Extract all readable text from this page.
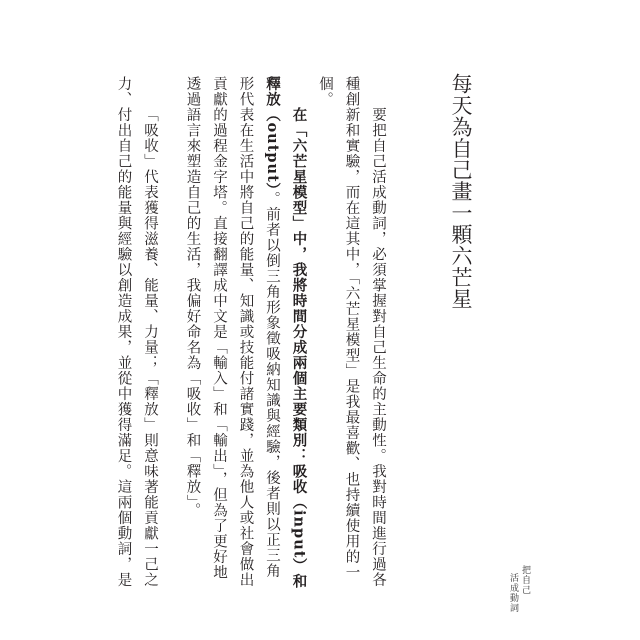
每天為自己畫一顆六芒星
要把自己活成動詞，必須掌握對自己生命的主動性。我對時間進行過各
種創新和實驗，而在這其中，「六芒星模型」是我最喜歡、也持續使用的一
個。
在「六芒星模型」中，我將時間分成兩個主要類別：吸收（input）和
釋放（output）。前者以倒三角形象徵吸納知識與經驗，後者則以正三角
形代表在生活中將自己的能量、知識或技能付諸實踐，並為他人或社會做出
貢獻的過程金字塔。直接翻譯成中文是「輸入」和「輸出」，但為了更好地
透過語言來塑造自己的生活，我偏好命名為「吸收」和「釋放」。
「吸收」代表獲得滋養、能量、力量；「釋放」則意味著能貢獻一己之
力、付出自己的能量與經驗以創造成果，並從中獲得滿足。這兩個動詞，是	把自己
活成動詞
